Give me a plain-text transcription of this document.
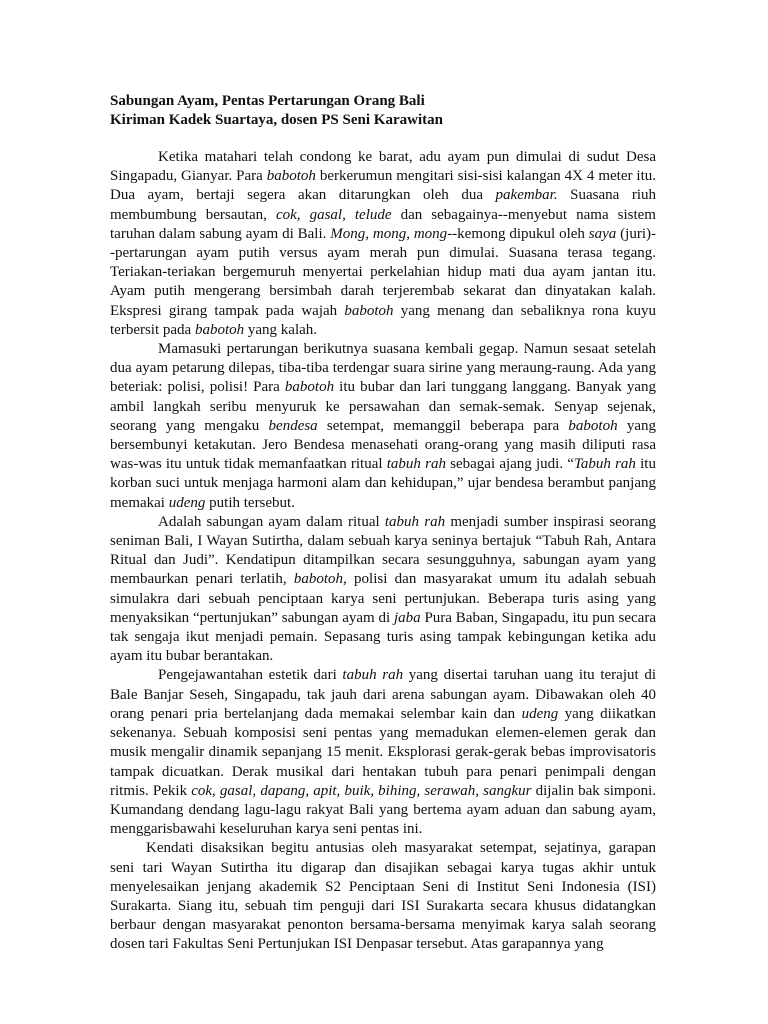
Sabungan Ayam, Pentas Pertarungan Orang Bali

Kiriman Kadek Suartaya, dosen PS Seni Karawitan

Ketika matahari telah condong ke barat, adu ayam pun dimulai di sudut Desa Singapadu, Gianyar. Para babotoh berkerumun mengitari sisi-sisi kalangan 4X 4 meter itu. Dua ayam, bertaji segera akan ditarungkan oleh dua pakembar. Suasana riuh membumbung bersautan, cok, gasal, telude dan sebagainya--menyebut nama sistem taruhan dalam sabung ayam di Bali. Mong, mong, mong--kemong dipukul oleh saya (juri)--pertarungan ayam putih versus ayam merah pun dimulai. Suasana terasa tegang. Teriakan-teriakan bergemuruh menyertai perkelahian hidup mati dua ayam jantan itu. Ayam putih mengerang bersimbah darah terjerembab sekarat dan dinyatakan kalah. Ekspresi girang tampak pada wajah babotoh yang menang dan sebaliknya rona kuyu terbersit pada babotoh yang kalah.

Mamasuki pertarungan berikutnya suasana kembali gegap. Namun sesaat setelah dua ayam petarung dilepas, tiba-tiba terdengar suara sirine yang meraung-raung. Ada yang beteriak: polisi, polisi! Para babotoh itu bubar dan lari tunggang langgang. Banyak yang ambil langkah seribu menyuruk ke persawahan dan semak-semak. Senyap sejenak, seorang yang mengaku bendesa setempat, memanggil beberapa para babotoh yang bersembunyi ketakutan. Jero Bendesa menasehati orang-orang yang masih diliputi rasa was-was itu untuk tidak memanfaatkan ritual tabuh rah sebagai ajang judi. “Tabuh rah itu korban suci untuk menjaga harmoni alam dan kehidupan,” ujar bendesa berambut panjang memakai udeng putih tersebut.

Adalah sabungan ayam dalam ritual tabuh rah menjadi sumber inspirasi seorang seniman Bali, I Wayan Sutirtha, dalam sebuah karya seninya bertajuk “Tabuh Rah, Antara Ritual dan Judi”. Kendatipun ditampilkan secara sesungguhnya, sabungan ayam yang membaurkan penari terlatih, babotoh, polisi dan masyarakat umum itu adalah sebuah simulakra dari sebuah penciptaan karya seni pertunjukan. Beberapa turis asing yang menyaksikan “pertunjukan” sabungan ayam di jaba Pura Baban, Singapadu, itu pun secara tak sengaja ikut menjadi pemain. Sepasang turis asing tampak kebingungan ketika adu ayam itu bubar berantakan.

Pengejawantahan estetik dari tabuh rah yang disertai taruhan uang itu terajut di Bale Banjar Seseh, Singapadu, tak jauh dari arena sabungan ayam. Dibawakan oleh 40 orang penari pria bertelanjang dada memakai selembar kain dan udeng yang diikatkan sekenanya. Sebuah komposisi seni pentas yang memadukan elemen-elemen gerak dan musik mengalir dinamik sepanjang 15 menit. Eksplorasi gerak-gerak bebas improvisatoris tampak dicuatkan. Derak musikal dari hentakan tubuh para penari penimpali dengan ritmis. Pekik cok, gasal, dapang, apit, buik, bihing, serawah, sangkur dijalin bak simponi. Kumandang dendang lagu-lagu rakyat Bali yang bertema ayam aduan dan sabung ayam, menggarisbawahi keseluruhan karya seni pentas ini.

Kendati disaksikan begitu antusias oleh masyarakat setempat, sejatinya, garapan seni tari Wayan Sutirtha itu digarap dan disajikan sebagai karya tugas akhir untuk menyelesaikan jenjang akademik S2 Penciptaan Seni di Institut Seni Indonesia (ISI) Surakarta. Siang itu, sebuah tim penguji dari ISI Surakarta secara khusus didatangkan berbaur dengan masyarakat penonton bersama-bersama menyimak karya salah seorang dosen tari Fakultas Seni Pertunjukan ISI Denpasar tersebut. Atas garapannya yang
